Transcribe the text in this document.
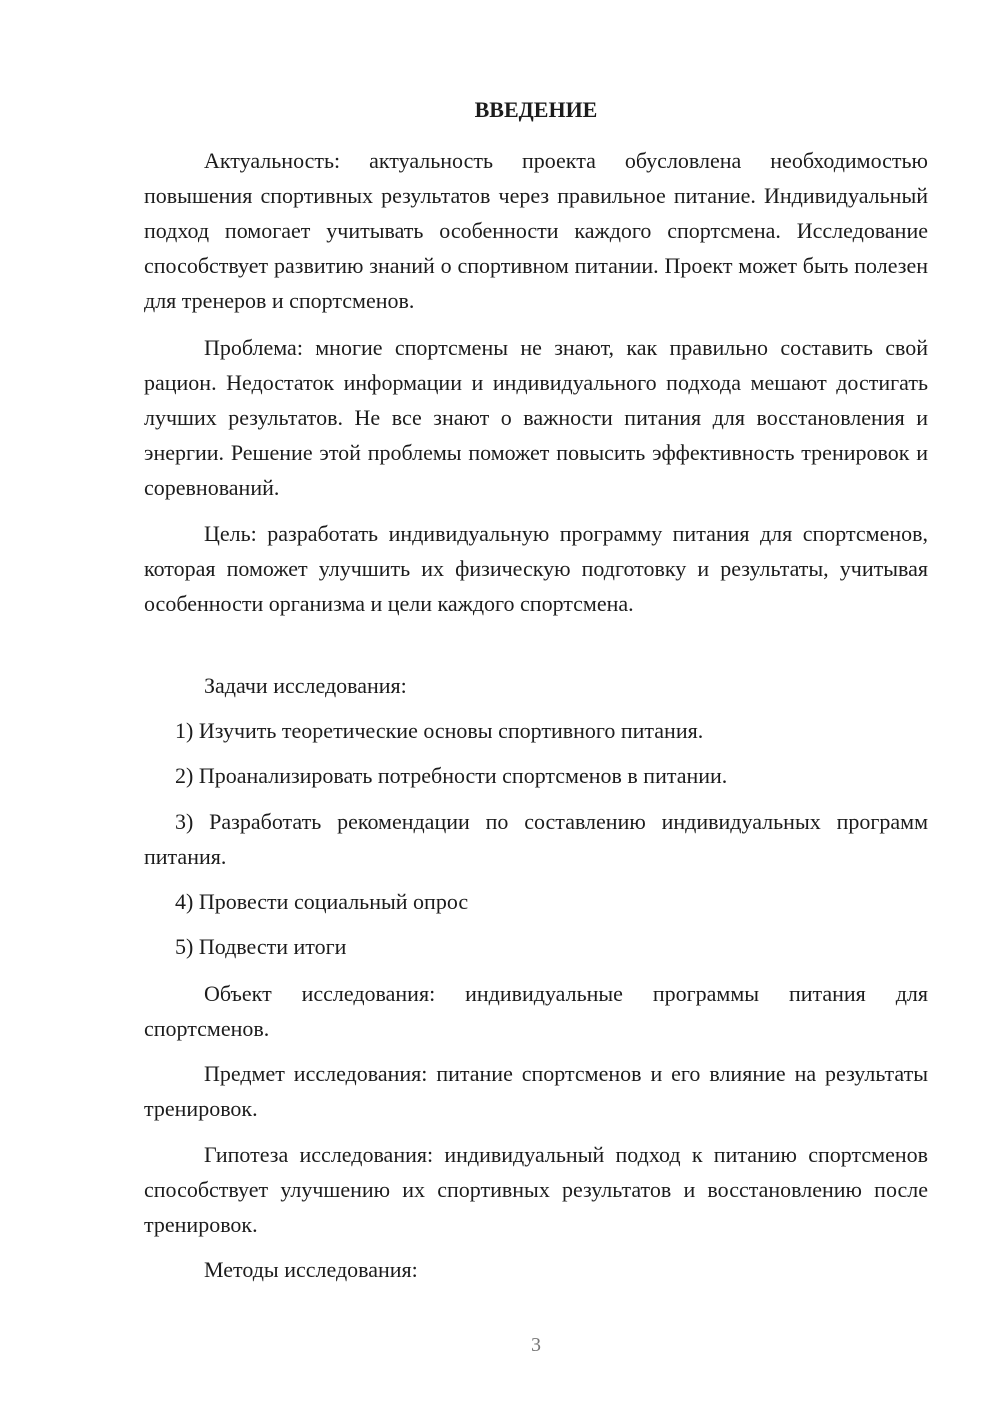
ВВЕДЕНИЕ

Актуальность: актуальность проекта обусловлена необходимостью повышения спортивных результатов через правильное питание. Индивидуальный подход помогает учитывать особенности каждого спортсмена. Исследование способствует развитию знаний о спортивном питании. Проект может быть полезен для тренеров и спортсменов.

Проблема: многие спортсмены не знают, как правильно составить свой рацион. Недостаток информации и индивидуального подхода мешают достигать лучших результатов. Не все знают о важности питания для восстановления и энергии. Решение этой проблемы поможет повысить эффективность тренировок и соревнований.

Цель: разработать индивидуальную программу питания для спортсменов, которая поможет улучшить их физическую подготовку и результаты, учитывая особенности организма и цели каждого спортсмена.

Задачи исследования:

1) Изучить теоретические основы спортивного питания.

2) Проанализировать потребности спортсменов в питании.

3) Разработать рекомендации по составлению индивидуальных программ питания.

4) Провести социальный опрос

5) Подвести итоги

Объект исследования: индивидуальные программы питания для спортсменов.

Предмет исследования: питание спортсменов и его влияние на результаты тренировок.

Гипотеза исследования: индивидуальный подход к питанию спортсменов способствует улучшению их спортивных результатов и восстановлению после тренировок.

Методы исследования:

3
